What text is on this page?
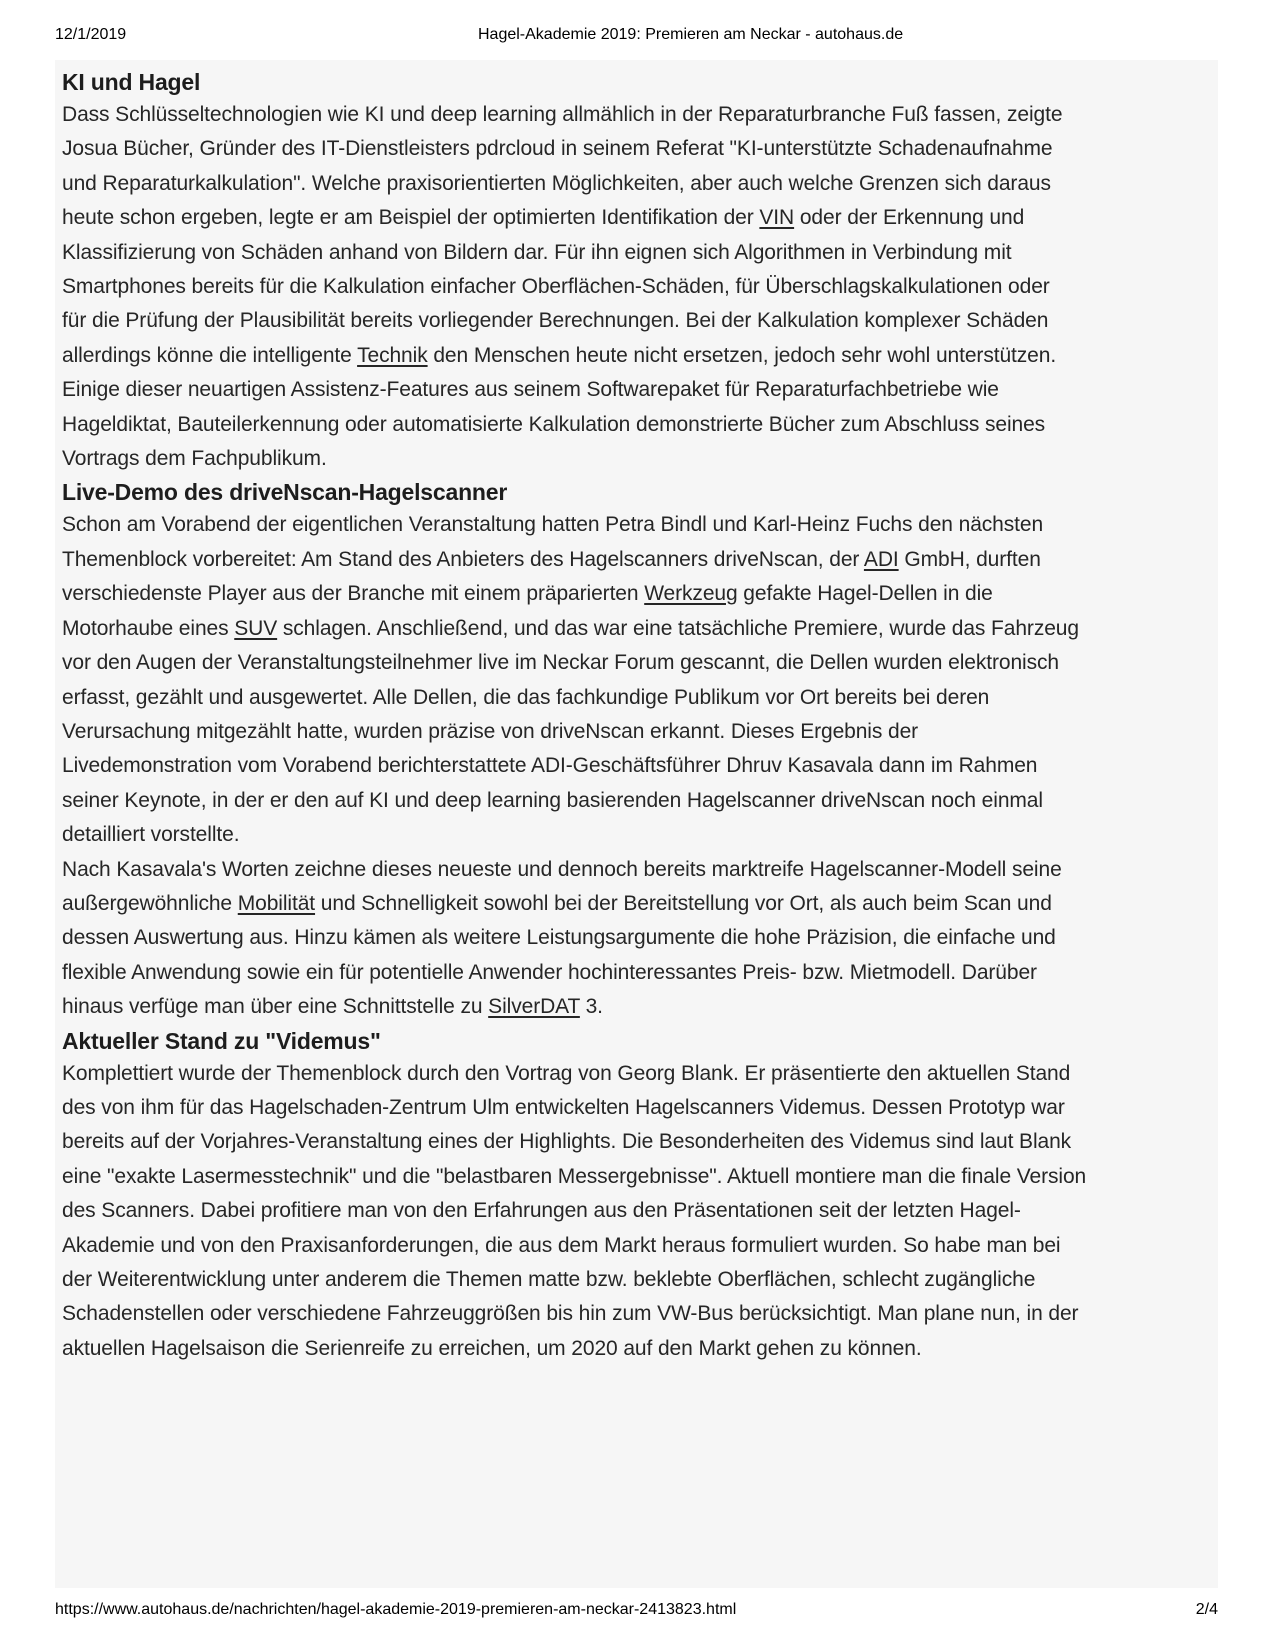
12/1/2019	Hagel-Akademie 2019: Premieren am Neckar - autohaus.de
KI und Hagel

Dass Schlüsseltechnologien wie KI und deep learning allmählich in der Reparaturbranche Fuß fassen, zeigte
Josua Bücher, Gründer des IT-Dienstleisters pdrcloud in seinem Referat "KI-unterstützte Schadenaufnahme
und Reparaturkalkulation". Welche praxisorientierten Möglichkeiten, aber auch welche Grenzen sich daraus
heute schon ergeben, legte er am Beispiel der optimierten Identifikation der VIN oder der Erkennung und
Klassifizierung von Schäden anhand von Bildern dar. Für ihn eignen sich Algorithmen in Verbindung mit
Smartphones bereits für die Kalkulation einfacher Oberflächen-Schäden, für Überschlagskalkulationen oder
für die Prüfung der Plausibilität bereits vorliegender Berechnungen. Bei der Kalkulation komplexer Schäden
allerdings könne die intelligente Technik den Menschen heute nicht ersetzen, jedoch sehr wohl unterstützen.
Einige dieser neuartigen Assistenz-Features aus seinem Softwarepaket für Reparaturfachbetriebe wie
Hageldiktat, Bauteilerkennung oder automatisierte Kalkulation demonstrierte Bücher zum Abschluss seines
Vortrags dem Fachpublikum.

Live-Demo des driveNscan-Hagelscanner

Schon am Vorabend der eigentlichen Veranstaltung hatten Petra Bindl und Karl-Heinz Fuchs den nächsten
Themenblock vorbereitet: Am Stand des Anbieters des Hagelscanners driveNscan, der ADI GmbH, durften
verschiedenste Player aus der Branche mit einem präparierten Werkzeug gefakte Hagel-Dellen in die
Motorhaube eines SUV schlagen. Anschließend, und das war eine tatsächliche Premiere, wurde das Fahrzeug
vor den Augen der Veranstaltungsteilnehmer live im Neckar Forum gescannt, die Dellen wurden elektronisch
erfasst, gezählt und ausgewertet. Alle Dellen, die das fachkundige Publikum vor Ort bereits bei deren
Verursachung mitgezählt hatte, wurden präzise von driveNscan erkannt. Dieses Ergebnis der
Livedemonstration vom Vorabend berichterstattete ADI-Geschäftsführer Dhruv Kasavala dann im Rahmen
seiner Keynote, in der er den auf KI und deep learning basierenden Hagelscanner driveNscan noch einmal
detailliert vorstellte.

Nach Kasavala's Worten zeichne dieses neueste und dennoch bereits marktreife Hagelscanner-Modell seine
außergewöhnliche Mobilität und Schnelligkeit sowohl bei der Bereitstellung vor Ort, als auch beim Scan und
dessen Auswertung aus. Hinzu kämen als weitere Leistungsargumente die hohe Präzision, die einfache und
flexible Anwendung sowie ein für potentielle Anwender hochinteressantes Preis- bzw. Mietmodell. Darüber
hinaus verfüge man über eine Schnittstelle zu SilverDAT 3.

Aktueller Stand zu "Videmus"

Komplettiert wurde der Themenblock durch den Vortrag von Georg Blank. Er präsentierte den aktuellen Stand
des von ihm für das Hagelschaden-Zentrum Ulm entwickelten Hagelscanners Videmus. Dessen Prototyp war
bereits auf der Vorjahres-Veranstaltung eines der Highlights. Die Besonderheiten des Videmus sind laut Blank
eine "exakte Lasermesstechnik" und die "belastbaren Messergebnisse". Aktuell montiere man die finale Version
des Scanners. Dabei profitiere man von den Erfahrungen aus den Präsentationen seit der letzten Hagel-
Akademie und von den Praxisanforderungen, die aus dem Markt heraus formuliert wurden. So habe man bei
der Weiterentwicklung unter anderem die Themen matte bzw. beklebte Oberflächen, schlecht zugängliche
Schadenstellen oder verschiedene Fahrzeuggrößen bis hin zum VW-Bus berücksichtigt. Man plane nun, in der
aktuellen Hagelsaison die Serienreife zu erreichen, um 2020 auf den Markt gehen zu können.

https://www.autohaus.de/nachrichten/hagel-akademie-2019-premieren-am-neckar-2413823.html	2/4
